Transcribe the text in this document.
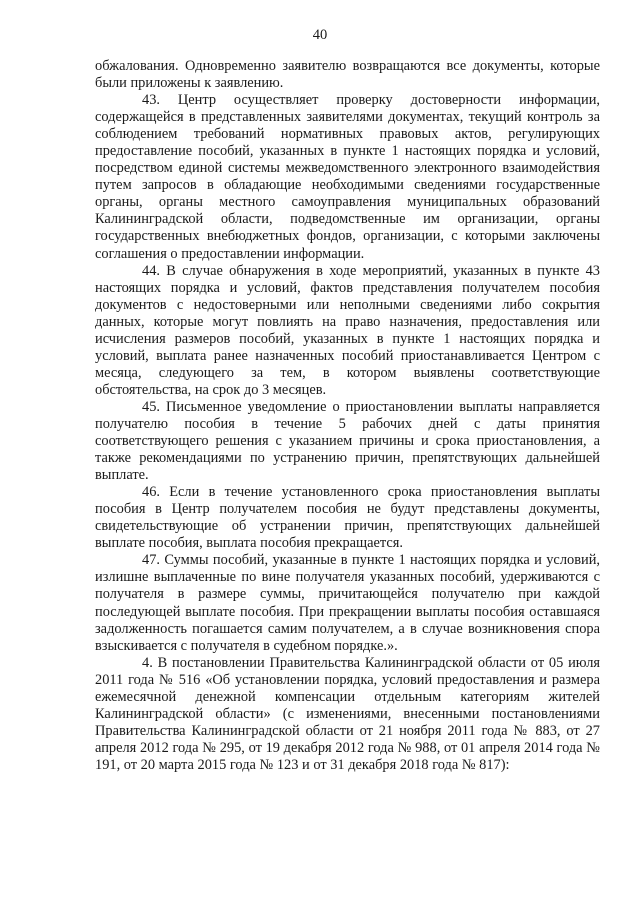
40

обжалования. Одновременно заявителю возвращаются все документы, которые были приложены к заявлению.

43. Центр осуществляет проверку достоверности информации, содержащейся в представленных заявителями документах, текущий контроль за соблюдением требований нормативных правовых актов, регулирующих предоставление пособий, указанных в пункте 1 настоящих порядка и условий, посредством единой системы межведомственного электронного взаимодействия путем запросов в обладающие необходимыми сведениями государственные органы, органы местного самоуправления муниципальных образований Калининградской области, подведомственные им организации, органы государственных внебюджетных фондов, организации, с которыми заключены соглашения о предоставлении информации.

44. В случае обнаружения в ходе мероприятий, указанных в пункте 43 настоящих порядка и условий, фактов представления получателем пособия документов с недостоверными или неполными сведениями либо сокрытия данных, которые могут повлиять на право назначения, предоставления или исчисления размеров пособий, указанных в пункте 1 настоящих порядка и условий, выплата ранее назначенных пособий приостанавливается Центром с месяца, следующего за тем, в котором выявлены соответствующие обстоятельства, на срок до 3 месяцев.

45. Письменное уведомление о приостановлении выплаты направляется получателю пособия в течение 5 рабочих дней с даты принятия соответствующего решения с указанием причины и срока приостановления, а также рекомендациями по устранению причин, препятствующих дальнейшей выплате.

46. Если в течение установленного срока приостановления выплаты пособия в Центр получателем пособия не будут представлены документы, свидетельствующие об устранении причин, препятствующих дальнейшей выплате пособия, выплата пособия прекращается.

47. Суммы пособий, указанные в пункте 1 настоящих порядка и условий, излишне выплаченные по вине получателя указанных пособий, удерживаются с получателя в размере суммы, причитающейся получателю при каждой последующей выплате пособия. При прекращении выплаты пособия оставшаяся задолженность погашается самим получателем, а в случае возникновения спора взыскивается с получателя в судебном порядке.».

4. В постановлении Правительства Калининградской области от 05 июля 2011 года № 516 «Об установлении порядка, условий предоставления и размера ежемесячной денежной компенсации отдельным категориям жителей Калининградской области» (с изменениями, внесенными постановлениями Правительства Калининградской области от 21 ноября 2011 года № 883, от 27 апреля 2012 года № 295, от 19 декабря 2012 года № 988, от 01 апреля 2014 года № 191, от 20 марта 2015 года № 123 и от 31 декабря 2018 года № 817):
